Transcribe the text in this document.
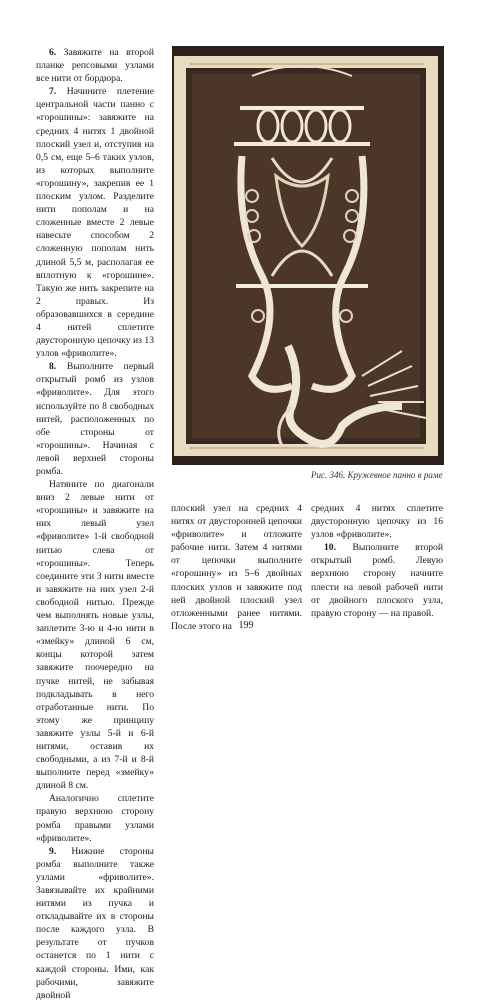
6. Завяжите на второй планке репсовыми узлами все нити от бордюра.

7. Начините плетение центральной части панно с «горошины»: завяжите на средних 4 нитях 1 двойной плоский узел и, отступив на 0,5 см, еще 5–6 таких узлов, из которых выполните «горошину», закрепив ее 1 плоским узлом. Разделите нити пополам и на сложенные вместе 2 левые навесьте способом 2 сложенную пополам нить длиной 5,5 м, располагая ее вплотную к «горошине». Такую же нить закрепите на 2 правых. Из образовавшихся в середине 4 нитей сплетите двусторонную цепочку из 13 узлов «фриволите».

8. Выполните первый открытый ромб из узлов «фриволите». Для этого используйте по 8 свободных нитей, расположенных по обе стороны от «горошины». Начиная с левой верхней стороны ромба.

Натяните по диагонали вниз 2 левые нити от «горошины» и завяжите на них левый узел «фриволите» 1-й свободной нитью слева от «горошины». Теперь соедините эти 3 нити вместе и завяжите на них узел 2-й свободной нитью. Прежде чем выполнять новые узлы, заплетите 3-ю и 4-ю нити в «змейку» длиной 6 см, концы которой затем завяжите поочередно на пучке нитей, не забывая подкладывать в него отработанные нити. По этому же принципу завяжите узлы 5-й и 6-й нитями, оставив их свободными, а из 7-й и 8-й выполните перед «змейку» длиной 8 см.

Аналогично сплетите правую верхнюю сторону ромба правыми узлами «фриволите».

9. Нижние стороны ромба выполните также узлами «фриволите». Завязывайте их крайними нитями из пучка и откладывайте их в стороны после каждого узла. В результате от пучков останется по 1 нити с каждой стороны. Ими, как рабочими, завяжите двойной

Рис. 346. Кружевное панно в раме

плоский узел на средних 4 нитях от двусторонней цепочки «фриволите» и отложите рабочие нити. Затем 4 нитями от цепочки выполните «горошину» из 5–6 двойных плоских узлов и завяжите под ней двойной плоский узел отложенными ранее нитями. После этого на

средних 4 нитях сплетите двусторонную цепочку из 16 узлов «фриволите».

10. Выполните второй открытый ромб. Левую верхнюю сторону начните плести на левой рабочей нити от двойного плоского узла, правую сторону — на правой.

199
